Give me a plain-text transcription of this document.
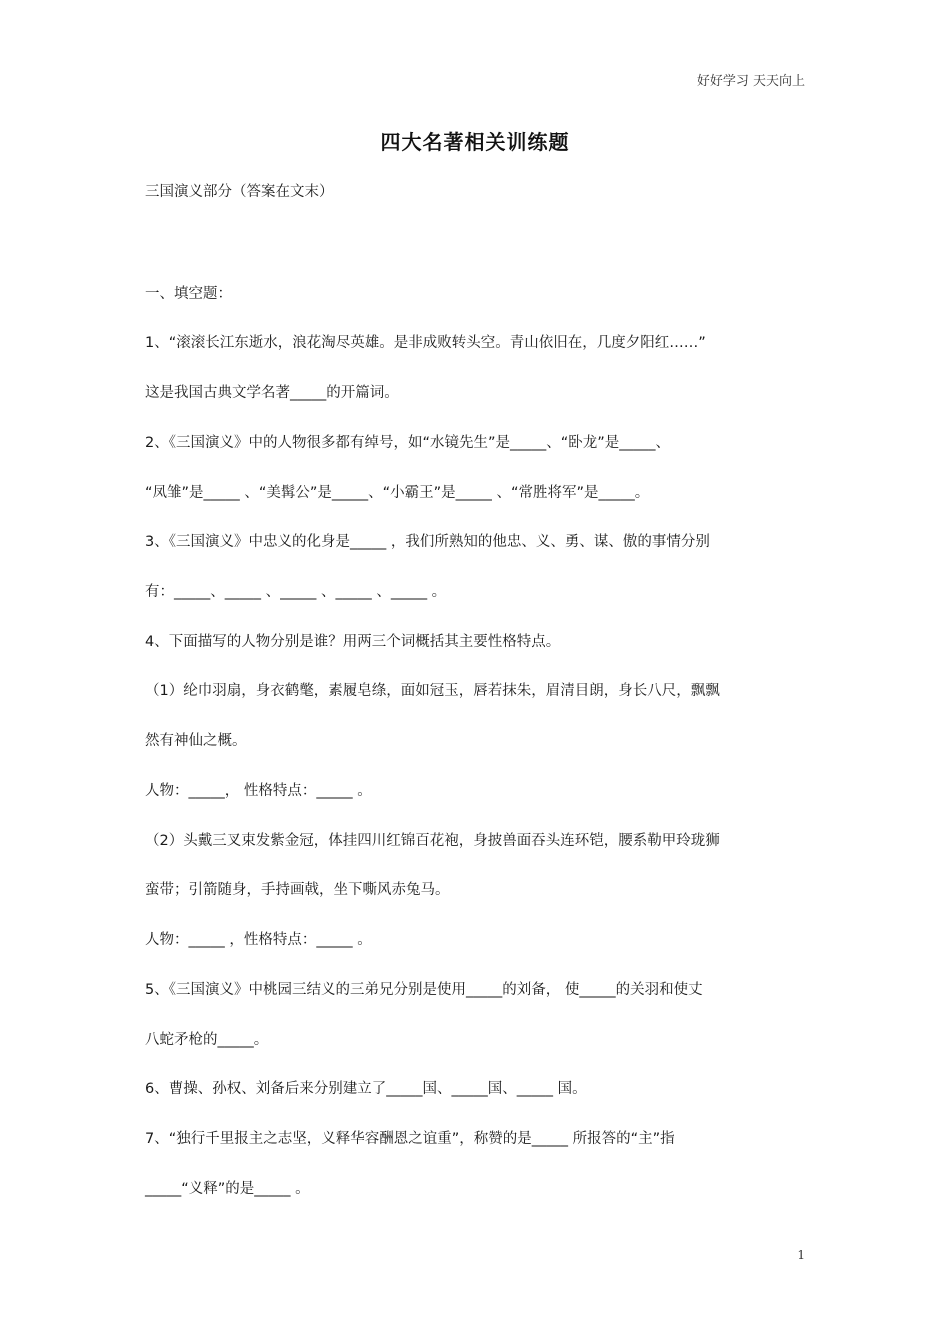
好好学习 天天向上
四大名著相关训练题
三国演义部分（答案在文末）
一、填空题：
1、“滚滚长江东逝水，浪花淘尽英雄。是非成败转头空。青山依旧在，几度夕阳红……”
这是我国古典文学名著_____的开篇词。
2、《三国演义》中的人物很多都有绰号，如“水镜先生”是_____、“卧龙”是_____、
“凤雏”是_____ 、“美髯公”是_____、“小霸王”是_____ 、“常胜将军”是_____。
3、《三国演义》中忠义的化身是_____ ，我们所熟知的他忠、义、勇、谋、傲的事情分别
有：_____、_____ 、_____ 、_____ 、_____ 。
4、下面描写的人物分别是谁？用两三个词概括其主要性格特点。
（1）纶巾羽扇，身衣鹤氅，素履皂绦，面如冠玉，唇若抹朱，眉清目朗，身长八尺，飘飘
然有神仙之概。
人物：_____， 性格特点：_____ 。
（2）头戴三叉束发紫金冠，体挂四川红锦百花袍，身披兽面吞头连环铠，腰系勒甲玲珑狮
蛮带；引箭随身，手持画戟，坐下嘶风赤兔马。
人物：_____ ，性格特点：_____ 。
5、《三国演义》中桃园三结义的三弟兄分别是使用_____的刘备， 使_____的关羽和使丈
八蛇矛枪的_____。
6、曹操、孙权、刘备后来分别建立了_____国、_____国、_____ 国。
7、“独行千里报主之志坚，义释华容酬恩之谊重”，称赞的是_____ 所报答的“主”指
_____“义释”的是_____ 。
1
